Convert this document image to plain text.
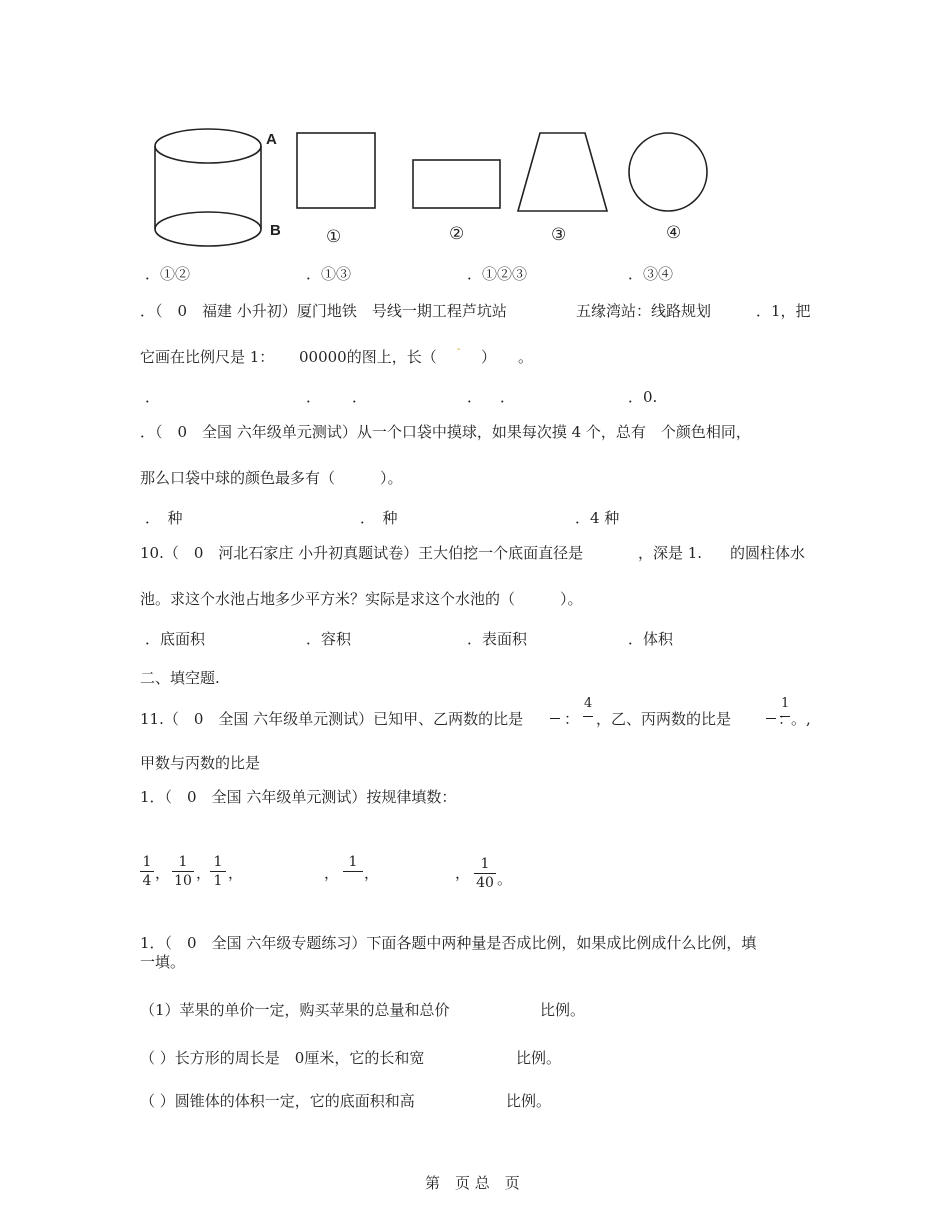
A
B	①	②	③	④
．①②	．①③	．①②③	．③④
．（　0　福建 小升初）厦门地铁　号线一期工程芦坑站	五缘湾站：线路规划	．1，把
它画在比例尺是 1： 00000的图上，长（ - ） 。
．	． ．	． ．	．0.
．（　0　全国 六年级单元测试）从一个口袋中摸球，如果每次摸 4 个，总有　个颜色相同，
那么口袋中球的颜色最多有（　　　）。
．　种	．　种	．4 种
10.（　0　河北石家庄 小升初真题试卷）王大伯挖一个底面直径是	，深是 1. 的圆柱体水
池。求这个水池占地多少平方米？实际是求这个水池的（　　　）。
．底面积	．容积	．表面积	．体积
二、填空题.
11.（　0　全国 六年级单元测试）已知甲、乙两数的比是	：
4
，乙、丙两数的比是	：
1
。,
甲数与丙数的比是
1．（　0　全国 六年级单元测试）按规律填数：
1
4 ，
1
10 ，
1
1 ，	，
1
，	， 1
40 。
1．（　0　全国 六年级专题练习）下面各题中两种量是否成比例，如果成比例成什么比例，填
一填。
（1）苹果的单价一定，购买苹果的总量和总价	比例。
（ ）长方形的周长是　0厘米，它的长和宽	比例。
（ ）圆锥体的体积一定，它的底面积和高	比例。
第　页 总　页
